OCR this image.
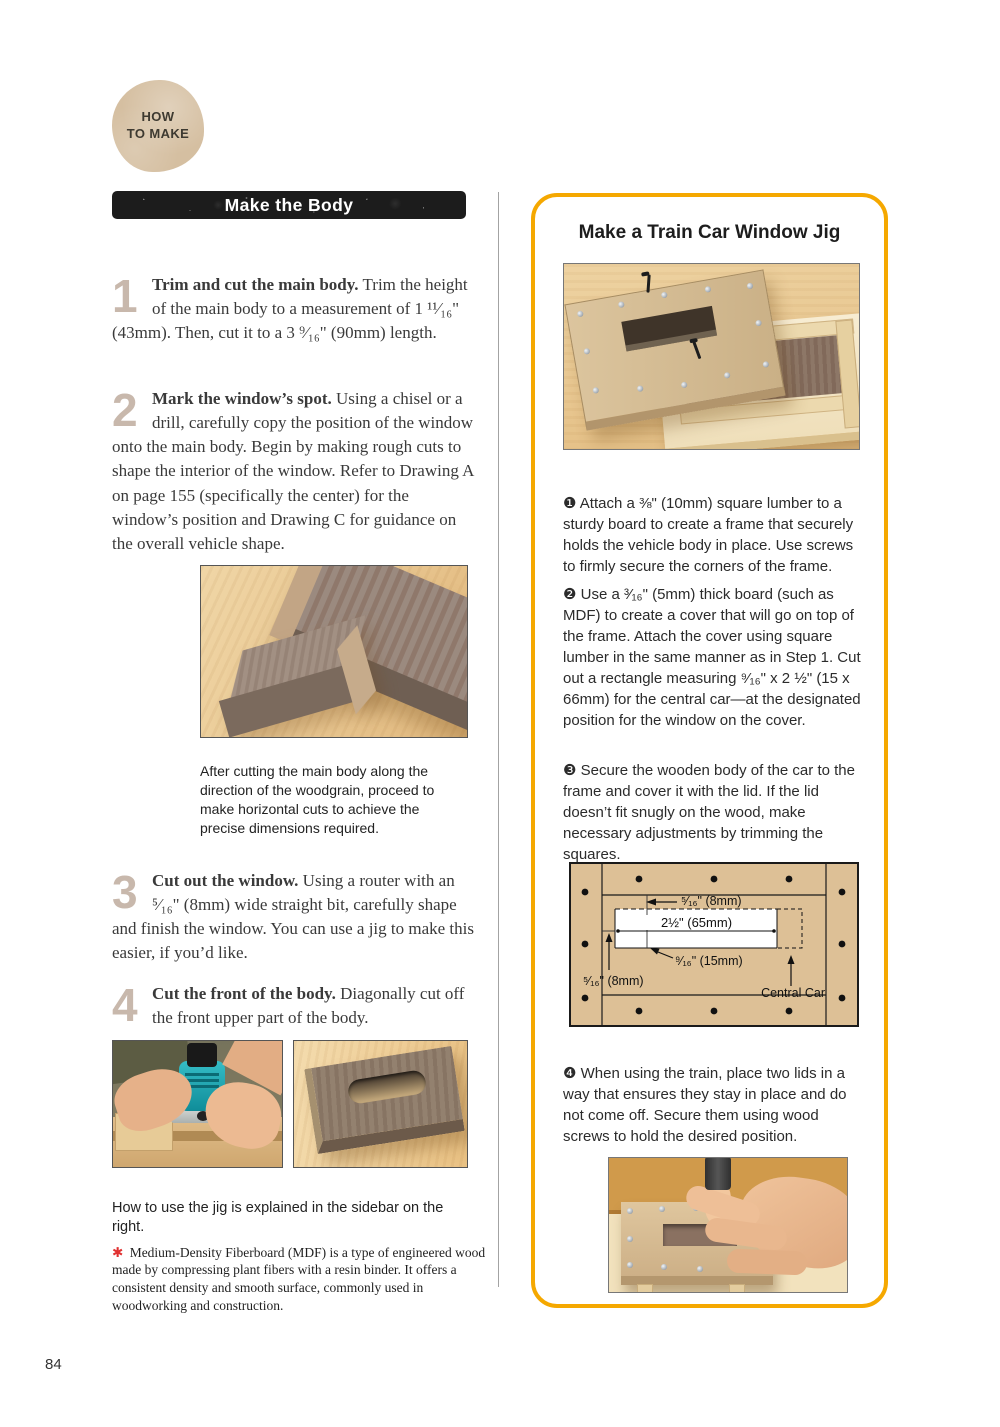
HOW
TO MAKE
Make the Body

1 Trim and cut the main body. Trim the height of the main body to a measurement of 1 ¹¹⁄₁₆" (43mm). Then, cut it to a 3 ⁹⁄₁₆" (90mm) length.

2 Mark the window’s spot. Using a chisel or a drill, carefully copy the position of the window onto the main body. Begin by making rough cuts to shape the interior of the window. Refer to Drawing A on page 155 (specifically the center) for the window’s position and Drawing C for guidance on the overall vehicle shape.

After cutting the main body along the direction of the woodgrain, proceed to make horizontal cuts to achieve the precise dimensions required.

3 Cut out the window. Using a router with an ⁵⁄₁₆" (8mm) wide straight bit, carefully shape and finish the window. You can use a jig to make this easier, if you’d like.

4 Cut the front of the body. Diagonally cut off the front upper part of the body.

How to use the jig is explained in the sidebar on the right.

✱ Medium-Density Fiberboard (MDF) is a type of engineered wood made by compressing plant fibers with a resin binder. It offers a consistent density and smooth surface, commonly used in woodworking and construction.

84
Make a Train Car Window Jig

❶ Attach a ⅜" (10mm) square lumber to a sturdy board to create a frame that securely holds the vehicle body in place. Use screws to firmly secure the corners of the frame.

❷ Use a ³⁄₁₆" (5mm) thick board (such as MDF) to create a cover that will go on top of the frame. Attach the cover using square lumber in the same manner as in Step 1. Cut out a rectangle measuring ⁹⁄₁₆" x 2 ½" (15 x 66mm) for the central car—at the designated position for the window on the cover.

❸ Secure the wooden body of the car to the frame and cover it with the lid. If the lid doesn’t fit snugly on the wood, make necessary adjustments by trimming the squares.

⁵⁄₁₆" (8mm)
2½" (65mm)
⁹⁄₁₆" (15mm)
⁵⁄₁₆" (8mm)
Central Car

❹ When using the train, place two lids in a way that ensures they stay in place and do not come off. Secure them using wood screws to hold the desired position.
